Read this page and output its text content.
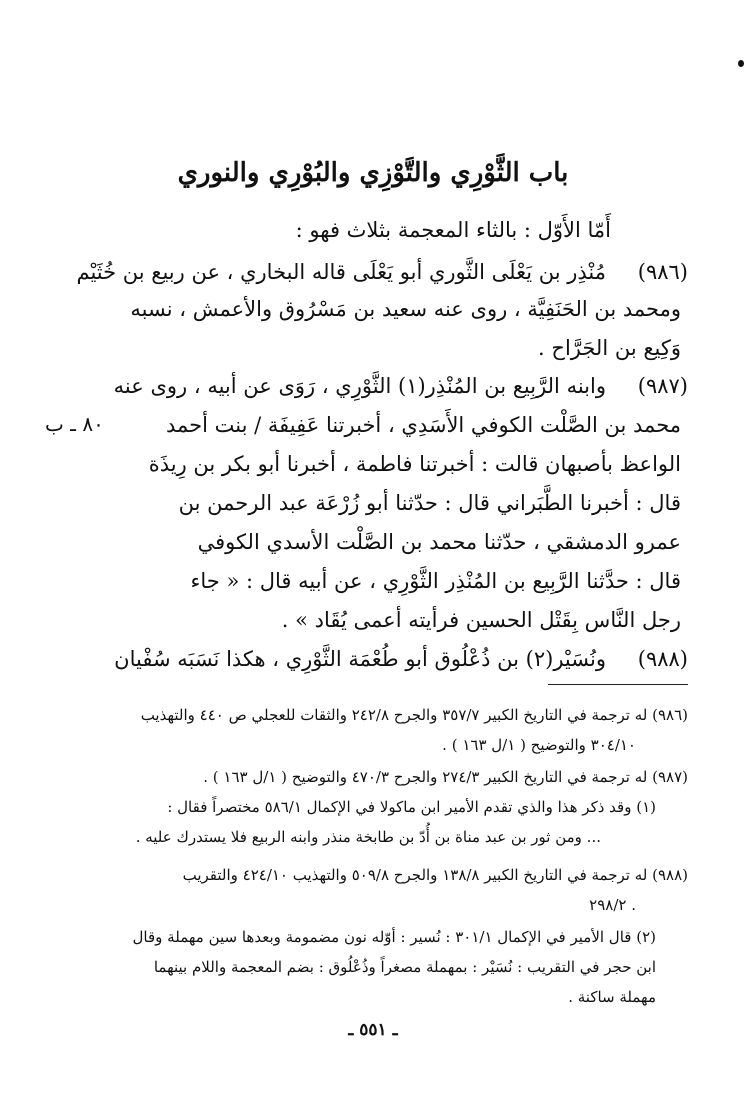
باب الثَّوْرِي والتَّوْزِي والبُوْرِي والنوري
أَمّا الأَوّل : بالثاء المعجمة بثلاث فهو :
(٩٨٦)
مُنْذِر بن يَعْلَى الثَّوري أبو يَعْلَى قاله البخاري ، عن ربيع بن خُثَيْم
ومحمد بن الحَنَفِيَّة ، روى عنه سعيد بن مَسْرُوق والأعمش ، نسبه
وَكِيع بن الجَرَّاح .
(٩٨٧)
وابنه الرَّبِيع بن المُنْذِر(١) الثَّوْرِي ، رَوَى عن أبيه ، روى عنه
محمد بن الصَّلْت الكوفي الأَسَدِي ، أخبرتنا عَفِيفَة / بنت أحمد
٨٠ ـ ب
الواعظ بأصبهان قالت : أخبرتنا فاطمة ، أخبرنا أبو بكر بن رِيذَة
قال : أخبرنا الطَّبَراني قال : حدّثنا أبو زُرْعَة عبد الرحمن بن
عمرو الدمشقي ، حدّثنا محمد بن الصَّلْت الأسدي الكوفي
قال : حدَّثنا الرَّبِيع بن المُنْذِر الثَّوْرِي ، عن أبيه قال : « جاء
رجل النَّاس بِقَتْل الحسين فرأيته أعمى يُقَاد » .
(٩٨٨)
ونُسَيْر(٢) بن ذُعْلُوق أبو طُعْمَة الثَّوْرِي ، هكذا نَسَبَه سُفْيان
(٩٨٦) له ترجمة في التاريخ الكبير ٣٥٧/٧ والجرح ٢٤٢/٨ والثقات للعجلي ص ٤٤٠ والتهذيب
٣٠٤/١٠ والتوضيح ( ١/ل ١٦٣ ) .
(٩٨٧) له ترجمة في التاريخ الكبير ٢٧٤/٣ والجرح ٤٧٠/٣ والتوضيح ( ١/ل ١٦٣ ) .
(١) وقد ذكر هذا والذي تقدم الأمير ابن ماكولا في الإكمال ٥٨٦/١ مختصراً فقال :
... ومن ثور بن عبد مناة بن أُدّ بن طابخة منذر وابنه الربيع فلا يستدرك عليه .
(٩٨٨) له ترجمة في التاريخ الكبير ١٣٨/٨ والجرح ٥٠٩/٨ والتهذيب ٤٢٤/١٠ والتقريب
٢٩٨/٢ .
(٢) قال الأمير في الإكمال ٣٠١/١ : نُسير : أوّله نون مضمومة وبعدها سين مهملة وقال
ابن حجر في التقريب : نُسَيْر : بمهملة مصغراً وذُعْلُوق : بضم المعجمة واللام بينهما
مهملة ساكنة .
ـ ٥٥١ ـ
